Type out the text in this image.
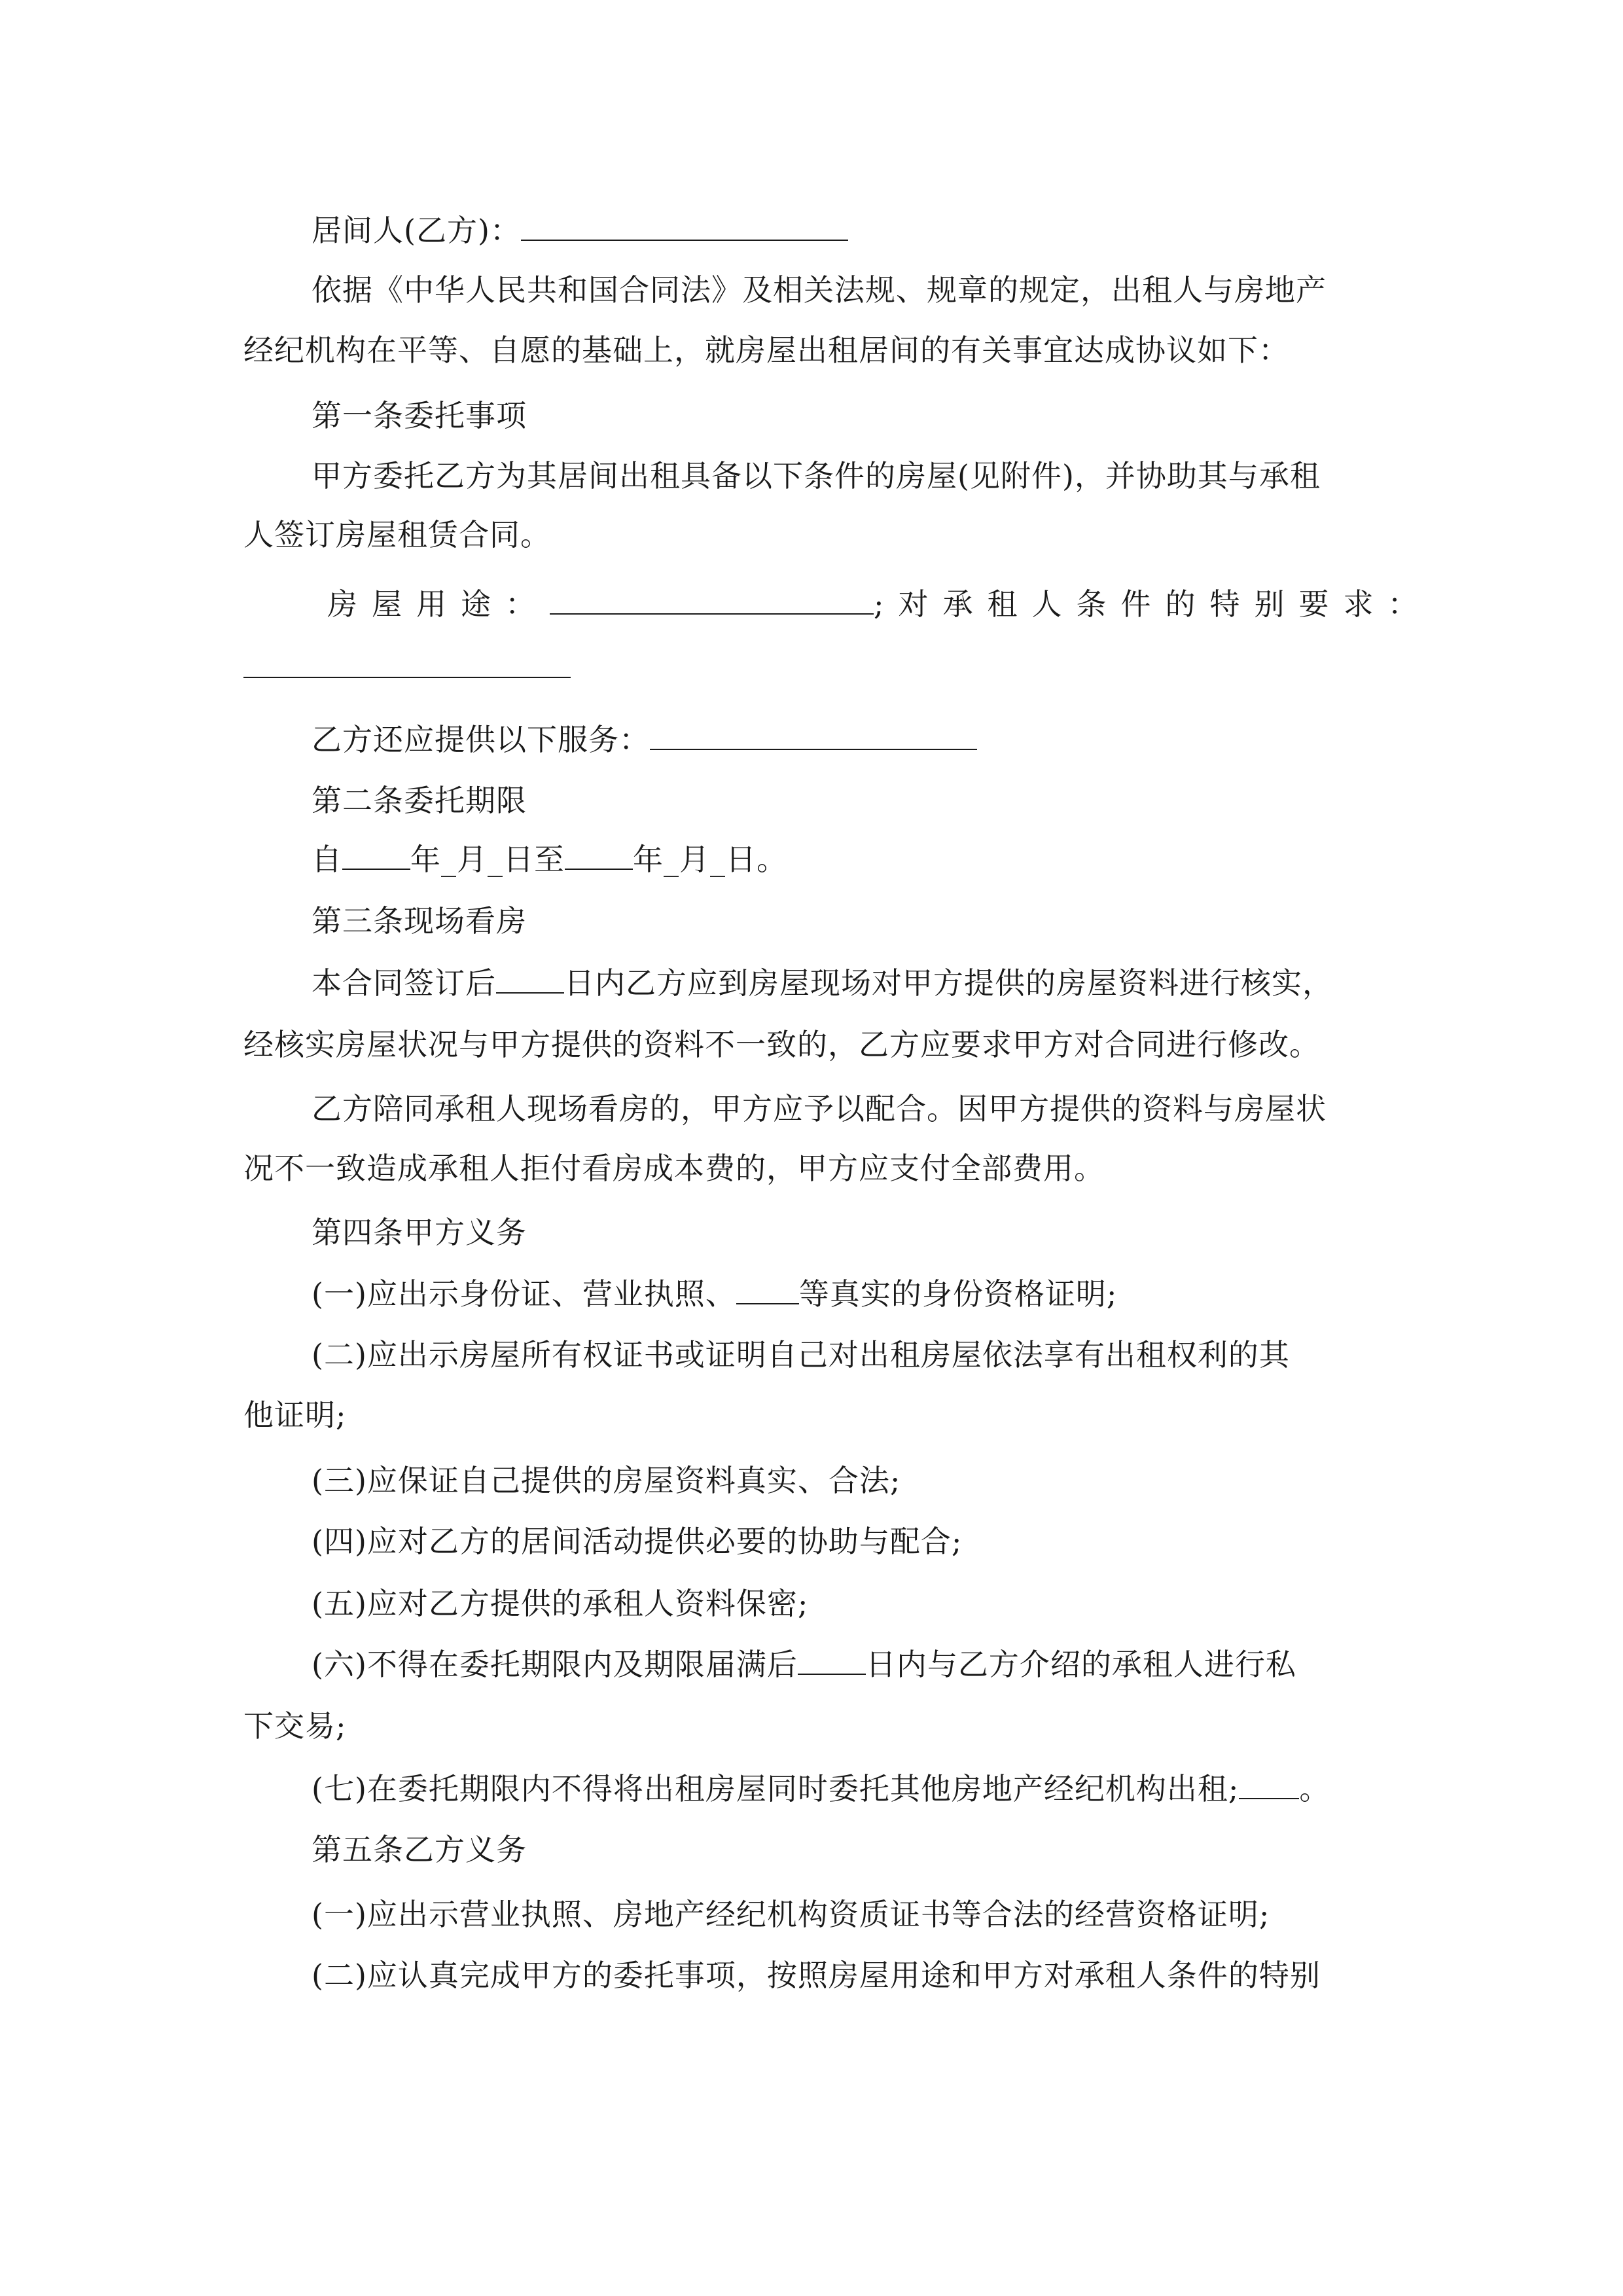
居间人(乙方)：
依据《中华人民共和国合同法》及相关法规、规章的规定，出租人与房地产
经纪机构在平等、自愿的基础上，就房屋出租居间的有关事宜达成协议如下：
第一条委托事项
甲方委托乙方为其居间出租具备以下条件的房屋(见附件)，并协助其与承租
人签订房屋租赁合同。
房屋用途：	;对承租人条件的特别要求：
乙方还应提供以下服务：
第二条委托期限
自 年_月_日至 年_月_日。
第三条现场看房
本合同签订后 日内乙方应到房屋现场对甲方提供的房屋资料进行核实，
经核实房屋状况与甲方提供的资料不一致的，乙方应要求甲方对合同进行修改。
乙方陪同承租人现场看房的，甲方应予以配合。因甲方提供的资料与房屋状
况不一致造成承租人拒付看房成本费的，甲方应支付全部费用。
第四条甲方义务
(一)应出示身份证、营业执照、 等真实的身份资格证明;
(二)应出示房屋所有权证书或证明自己对出租房屋依法享有出租权利的其
他证明;
(三)应保证自己提供的房屋资料真实、合法;
(四)应对乙方的居间活动提供必要的协助与配合;
(五)应对乙方提供的承租人资料保密;
(六)不得在委托期限内及期限届满后 日内与乙方介绍的承租人进行私
下交易;
(七)在委托期限内不得将出租房屋同时委托其他房地产经纪机构出租; 。
第五条乙方义务
(一)应出示营业执照、房地产经纪机构资质证书等合法的经营资格证明;
(二)应认真完成甲方的委托事项，按照房屋用途和甲方对承租人条件的特别
